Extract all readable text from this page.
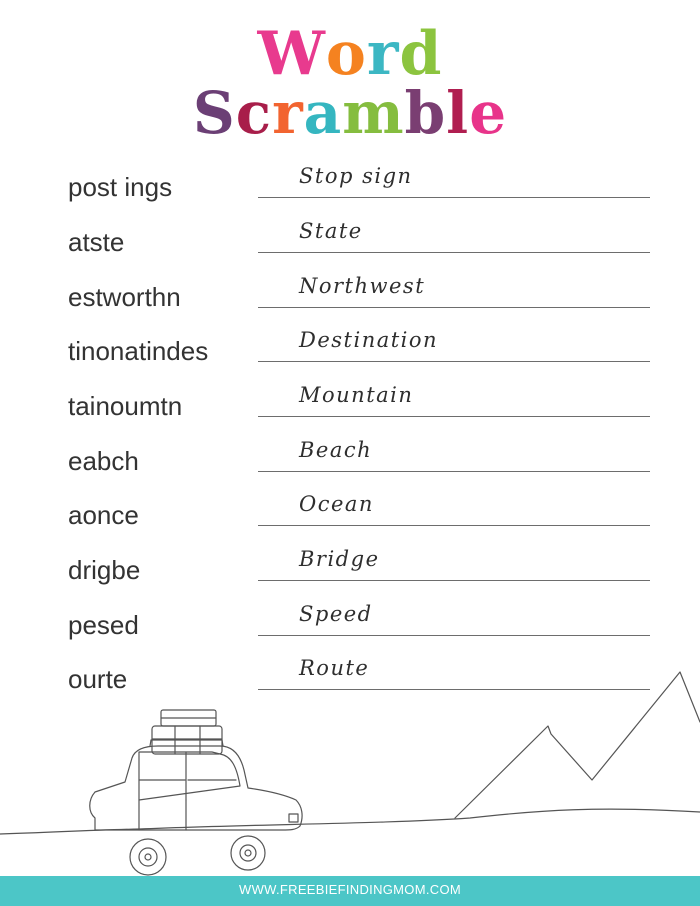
Word
Scramble
post ings	Stop sign
atste	State
estworthn	Northwest
tinonatindes	Destination
tainoumtn	Mountain
eabch	Beach
aonce	Ocean
drigbe	Bridge
pesed	Speed
ourte	Route
WWW.FREEBIEFINDINGMOM.COM
